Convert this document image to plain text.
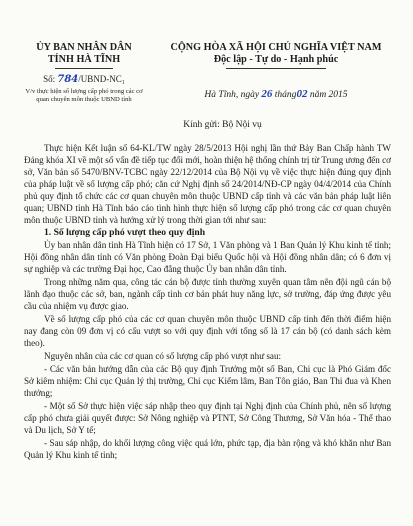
ỦY BAN NHÂN DÂN
TỈNH HÀ TĨNH
Số: 784/UBND-NC₁
V/v thực hiện số lượng cấp phó trong các cơ quan chuyên môn thuộc UBND tỉnh
CỘNG HÒA XÃ HỘI CHỦ NGHĨA VIỆT NAM
Độc lập - Tự do - Hạnh phúc
Hà Tĩnh, ngày 26 tháng02 năm 2015
Kính gửi: Bộ Nội vụ

Thực hiện Kết luận số 64-KL/TW ngày 28/5/2013 Hội nghị lần thứ Bảy Ban Chấp hành TW Đảng khóa XI về một số vấn đề tiếp tục đổi mới, hoàn thiện hệ thống chính trị từ Trung ương đến cơ sở, Văn bản số 5470/BNV-TCBC ngày 22/12/2014 của Bộ Nội vụ về việc thực hiện đúng quy định của pháp luật về số lượng cấp phó; căn cứ Nghị định số 24/2014/NĐ-CP ngày 04/4/2014 của Chính phủ quy định tổ chức các cơ quan chuyên môn thuộc UBND cấp tỉnh và các văn bản pháp luật liên quan; UBND tỉnh Hà Tĩnh báo cáo tình hình thực hiện số lượng cấp phó trong các cơ quan chuyên môn thuộc UBND tỉnh và hướng xử lý trong thời gian tới như sau:

1. Số lượng cấp phó vượt theo quy định

Ủy ban nhân dân tỉnh Hà Tĩnh hiện có 17 Sở, 1 Văn phòng và 1 Ban Quản lý Khu kinh tế tỉnh; Hội đồng nhân dân tỉnh có Văn phòng Đoàn Đại biểu Quốc hội và Hội đồng nhân dân; có 6 đơn vị sự nghiệp và các trường Đại học, Cao đẳng thuộc Ủy ban nhân dân tỉnh.

Trong những năm qua, công tác cán bộ được tỉnh thường xuyên quan tâm nên đội ngũ cán bộ lãnh đạo thuộc các sở, ban, ngành cấp tỉnh cơ bản phát huy năng lực, sở trường, đáp ứng được yêu cầu của nhiệm vụ được giao.

Về số lượng cấp phó của các cơ quan chuyên môn thuộc UBND cấp tỉnh đến thời điểm hiện nay đang còn 09 đơn vị có cấu vượt so với quy định với tổng số là 17 cán bộ (có danh sách kèm theo).

Nguyên nhân của các cơ quan có số lượng cấp phó vượt như sau:

- Các văn bản hướng dẫn của các Bộ quy định Trưởng một số Ban, Chi cục là Phó Giám đốc Sở kiêm nhiệm: Chi cục Quản lý thị trường, Chi cục Kiểm lâm, Ban Tôn giáo, Ban Thi đua và Khen thưởng;

- Một số Sở thực hiện việc sáp nhập theo quy định tại Nghị định của Chính phủ, nên số lượng cấp phó chưa giải quyết được: Sở Nông nghiệp và PTNT, Sở Công Thương, Sở Văn hóa - Thể thao và Du lịch, Sở Y tế;

- Sau sáp nhập, do khối lượng công việc quá lớn, phức tạp, địa bàn rộng và khó khăn như Ban Quản lý Khu kinh tế tỉnh;
